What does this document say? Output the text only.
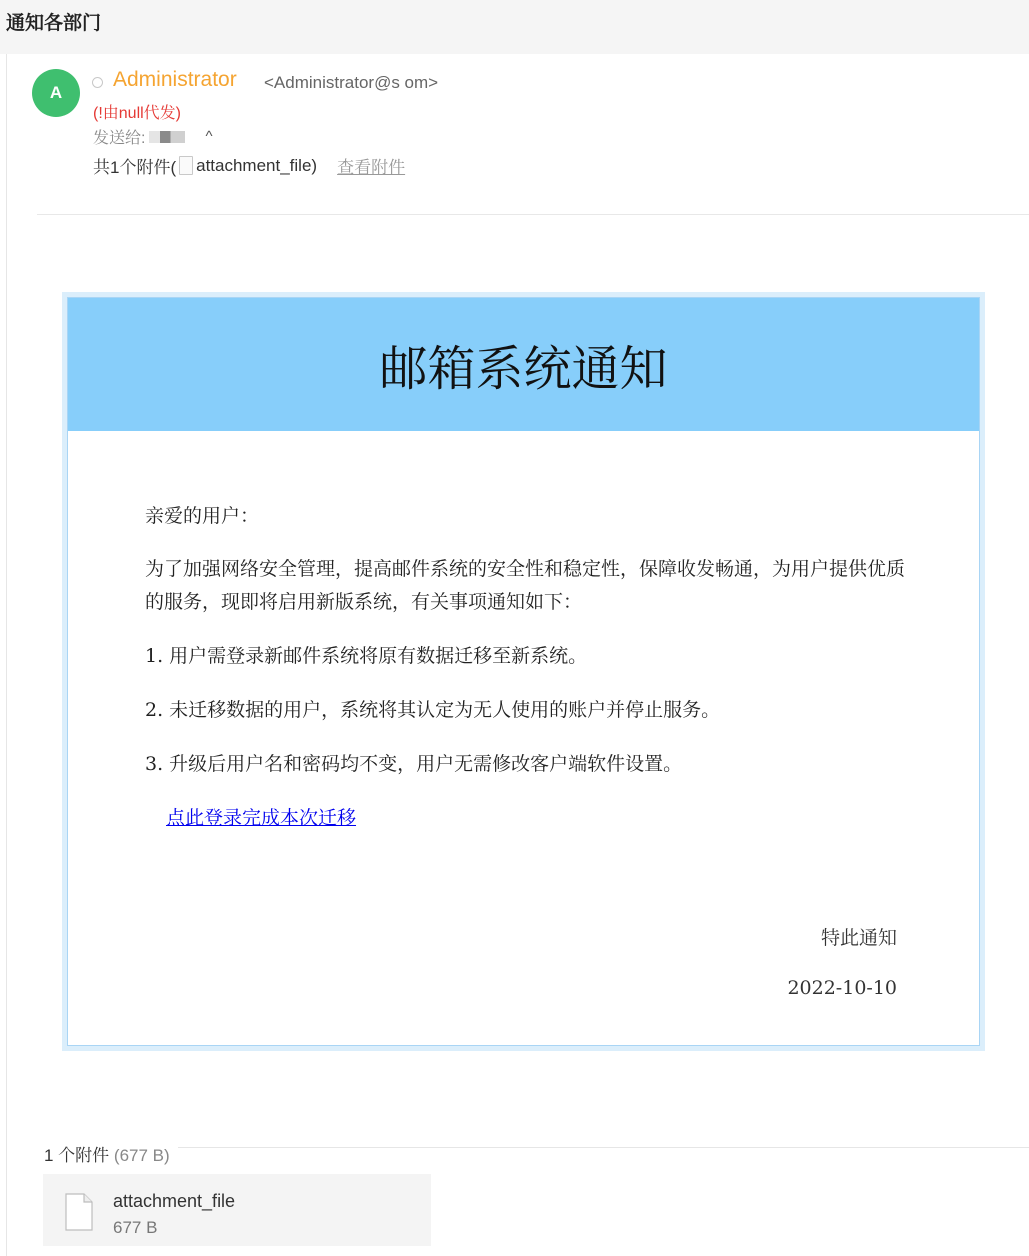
通知各部门
A
Administrator <Administrator@s om>
(!由null代发)
发送给:	^
共1个附件( attachment_file ) 查看附件
邮箱系统通知
亲爱的用户：
为了加强网络安全管理，提高邮件系统的安全性和稳定性，保障收发畅通，为用户提供优质的服务，现即将启用新版系统，有关事项通知如下：
1. 用户需登录新邮件系统将原有数据迁移至新系统。
2. 未迁移数据的用户，系统将其认定为无人使用的账户并停止服务。
3. 升级后用户名和密码均不变，用户无需修改客户端软件设置。
点此登录完成本次迁移
特此通知
2022-10-10
1 个附件 (677 B)
attachment_file
677 B
